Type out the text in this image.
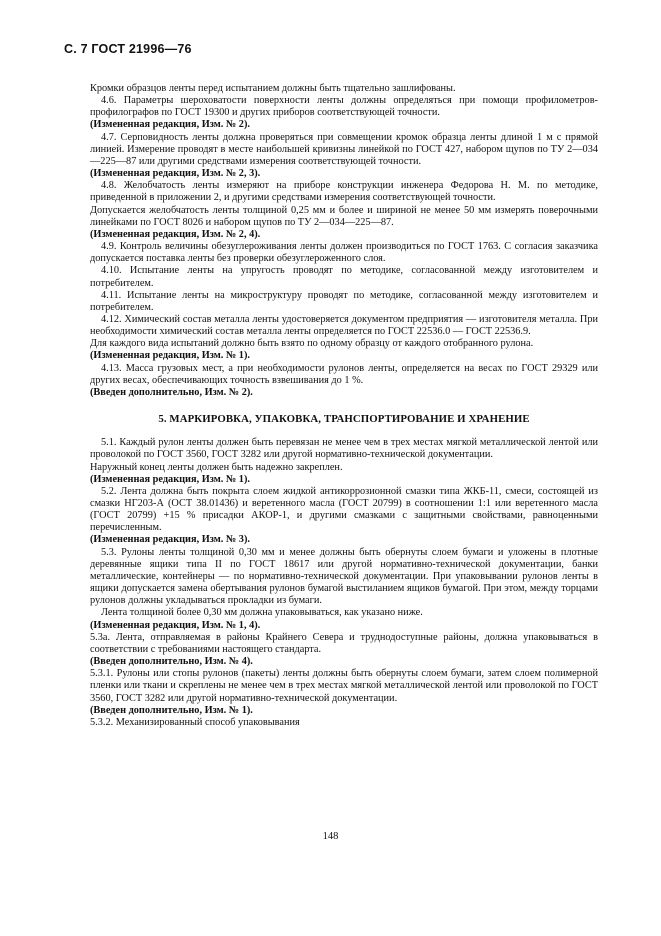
С. 7 ГОСТ 21996—76

Кромки образцов ленты перед испытанием должны быть тщательно зашлифованы.

4.6. Параметры шероховатости поверхности ленты должны определяться при помощи профилометров-профилографов по ГОСТ 19300 и других приборов соответствующей точности.

(Измененная редакция, Изм. № 2).

4.7. Серповидность ленты должна проверяться при совмещении кромок образца ленты длиной 1 м с прямой линией. Измерение проводят в месте наибольшей кривизны линейкой по ГОСТ 427, набором щупов по ТУ 2—034—225—87 или другими средствами измерения соответствующей точности.

(Измененная редакция, Изм. № 2, 3).

4.8. Желобчатость ленты измеряют на приборе конструкции инженера Федорова Н. М. по методике, приведенной в приложении 2, и другими средствами измерения соответствующей точности.

Допускается желобчатость ленты толщиной 0,25 мм и более и шириной не менее 50 мм измерять поверочными линейками по ГОСТ 8026 и набором щупов по ТУ 2—034—225—87.

(Измененная редакция, Изм. № 2, 4).

4.9. Контроль величины обезуглероживания ленты должен производиться по ГОСТ 1763. С согласия заказчика допускается поставка ленты без проверки обезуглероженного слоя.

4.10. Испытание ленты на упругость проводят по методике, согласованной между изготовителем и потребителем.

4.11. Испытание ленты на микроструктуру проводят по методике, согласованной между изготовителем и потребителем.

4.12. Химический состав металла ленты удостоверяется документом предприятия — изготовителя металла. При необходимости химический состав металла ленты определяется по ГОСТ 22536.0 — ГОСТ 22536.9.

Для каждого вида испытаний должно быть взято по одному образцу от каждого отобранного рулона.

(Измененная редакция, Изм. № 1).

4.13. Масса грузовых мест, а при необходимости рулонов ленты, определяется на весах по ГОСТ 29329 или других весах, обеспечивающих точность взвешивания до 1 %.

(Введен дополнительно, Изм. № 2).

5. МАРКИРОВКА, УПАКОВКА, ТРАНСПОРТИРОВАНИЕ И ХРАНЕНИЕ

5.1. Каждый рулон ленты должен быть перевязан не менее чем в трех местах мягкой металлической лентой или проволокой по ГОСТ 3560, ГОСТ 3282 или другой нормативно-технической документации.

Наружный конец ленты должен быть надежно закреплен.

(Измененная редакция, Изм. № 1).

5.2. Лента должна быть покрыта слоем жидкой антикоррозионной смазки типа ЖКБ-11, смеси, состоящей из смазки НГ203-А (ОСТ 38.01436) и веретенного масла (ГОСТ 20799) в соотношении 1:1 или веретенного масла (ГОСТ 20799) +15 % присадки АКОР-1, и другими смазками с защитными свойствами, равноценными перечисленным.

(Измененная редакция, Изм. № 3).

5.3. Рулоны ленты толщиной 0,30 мм и менее должны быть обернуты слоем бумаги и уложены в плотные деревянные ящики типа II по ГОСТ 18617 или другой нормативно-технической документации, банки металлические, контейнеры — по нормативно-технической документации. При упаковывании рулонов ленты в ящики допускается замена обертывания рулонов бумагой выстиланием ящиков бумагой. При этом, между торцами рулонов должны укладываться прокладки из бумаги.

Лента толщиной более 0,30 мм должна упаковываться, как указано ниже.

(Измененная редакция, Изм. № 1, 4).

5.3а. Лента, отправляемая в районы Крайнего Севера и труднодоступные районы, должна упаковываться в соответствии с требованиями настоящего стандарта.

(Введен дополнительно, Изм. № 4).

5.3.1. Рулоны или стопы рулонов (пакеты) ленты должны быть обернуты слоем бумаги, затем слоем полимерной пленки или ткани и скреплены не менее чем в трех местах мягкой металлической лентой или проволокой по ГОСТ 3560, ГОСТ 3282 или другой нормативно-технической документации.

(Введен дополнительно, Изм. № 1).

5.3.2. Механизированный способ упаковывания

148
